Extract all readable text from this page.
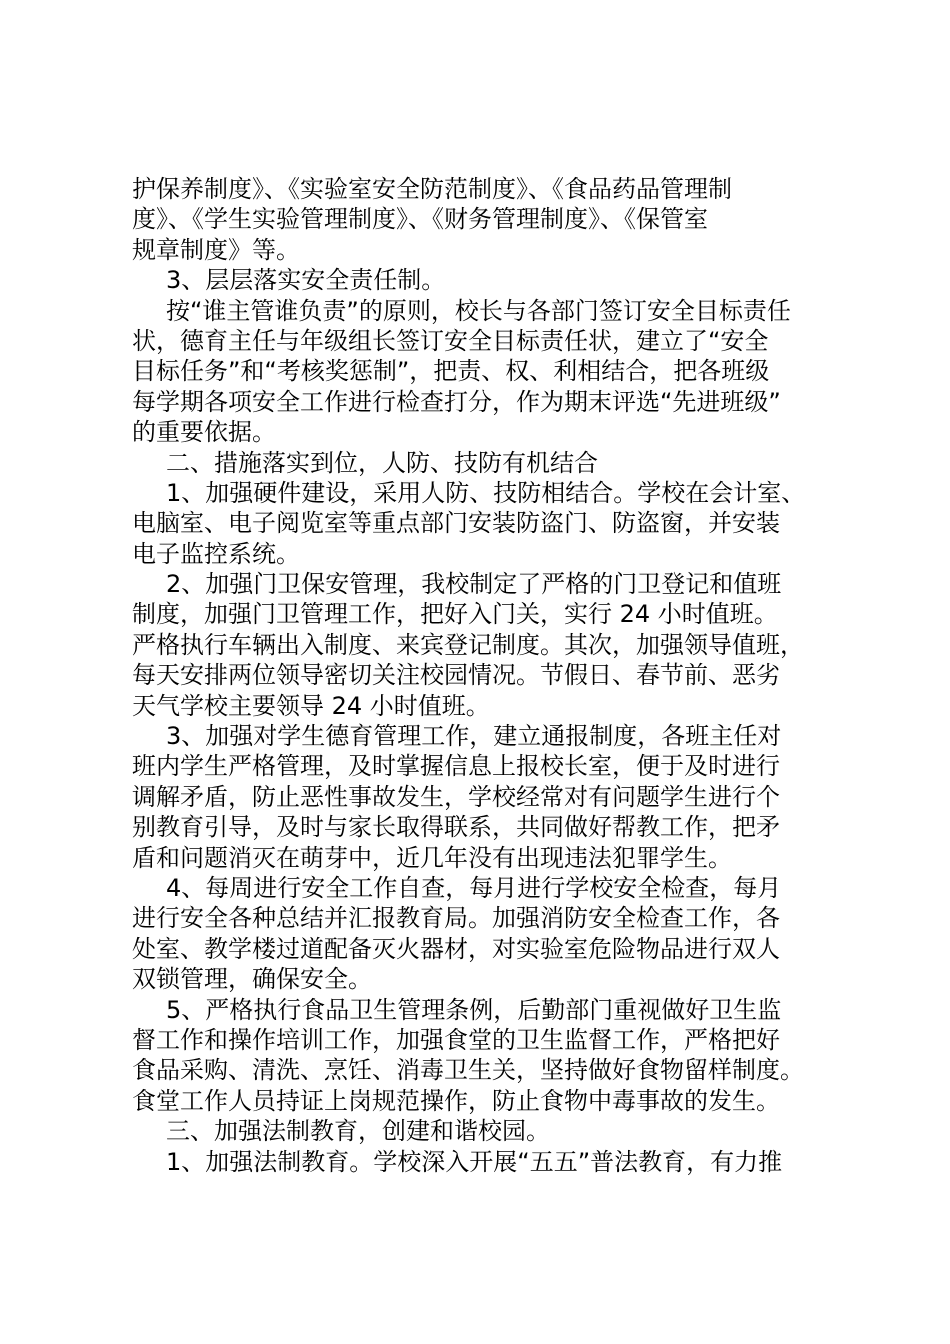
护保养制度》、《实验室安全防范制度》、《食品药品管理制
度》、《学生实验管理制度》、《财务管理制度》、《保管室
规章制度》等。
3、层层落实安全责任制。
按“谁主管谁负责”的原则，校长与各部门签订安全目标责任
状，德育主任与年级组长签订安全目标责任状，建立了“安全
目标任务”和“考核奖惩制”，把责、权、利相结合，把各班级
每学期各项安全工作进行检查打分，作为期末评选“先进班级”
的重要依据。
二、措施落实到位，人防、技防有机结合
1、加强硬件建设，采用人防、技防相结合。学校在会计室、
电脑室、电子阅览室等重点部门安装防盗门、防盗窗，并安装
电子监控系统。
2、加强门卫保安管理，我校制定了严格的门卫登记和值班
制度，加强门卫管理工作，把好入门关，实行 24 小时值班。
严格执行车辆出入制度、来宾登记制度。其次，加强领导值班，
每天安排两位领导密切关注校园情况。节假日、春节前、恶劣
天气学校主要领导 24 小时值班。
3、加强对学生德育管理工作，建立通报制度，各班主任对
班内学生严格管理，及时掌握信息上报校长室，便于及时进行
调解矛盾，防止恶性事故发生，学校经常对有问题学生进行个
别教育引导，及时与家长取得联系，共同做好帮教工作，把矛
盾和问题消灭在萌芽中，近几年没有出现违法犯罪学生。
4、每周进行安全工作自查，每月进行学校安全检查，每月
进行安全各种总结并汇报教育局。加强消防安全检查工作，各
处室、教学楼过道配备灭火器材，对实验室危险物品进行双人
双锁管理，确保安全。
5、严格执行食品卫生管理条例，后勤部门重视做好卫生监
督工作和操作培训工作，加强食堂的卫生监督工作，严格把好
食品采购、清洗、烹饪、消毒卫生关，坚持做好食物留样制度。
食堂工作人员持证上岗规范操作，防止食物中毒事故的发生。
三、加强法制教育，创建和谐校园。
1、加强法制教育。学校深入开展“五五”普法教育，有力推
